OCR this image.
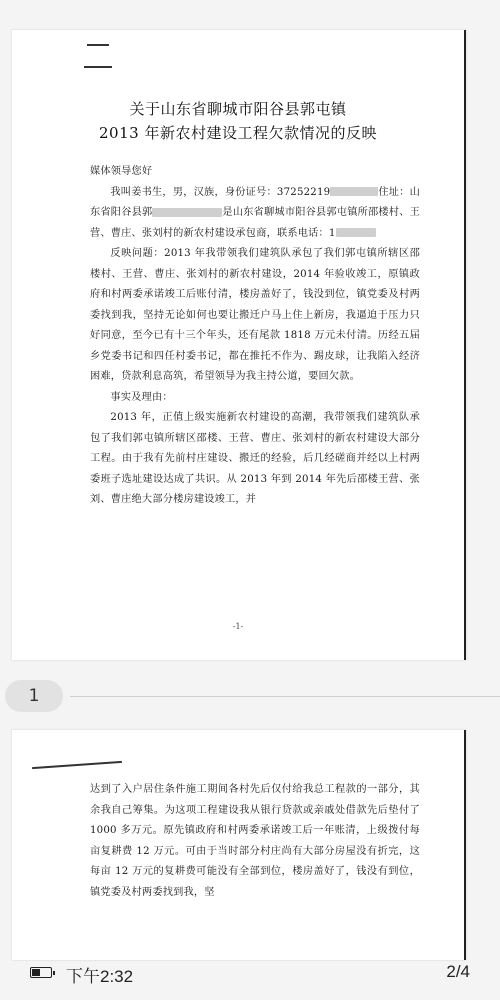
关于山东省聊城市阳谷县郭屯镇
2013 年新农村建设工程欠款情况的反映

媒体领导您好

我叫姜书生，男，汉族，身份证号：37252219	住址：山东省阳谷县郭	是山东省聊城市阳谷县郭屯镇所邵楼村、王营、曹庄、张刘村的新农村建设承包商，联系电话：1

反映问题：2013 年我带领我们建筑队承包了我们郭屯镇所辖区邵楼村、王营、曹庄、张刘村的新农村建设，2014 年验收竣工，原镇政府和村两委承诺竣工后账付清，楼房盖好了，钱没到位，镇党委及村两委找到我，坚持无论如何也要让搬迁户马上住上新房，我逼迫于压力只好同意，至今已有十三个年头，还有尾款 1818 万元未付清。历经五届乡党委书记和四任村委书记，都在推托不作为、踢皮球，让我陷入经济困难，贷款利息高筑，希望领导为我主持公道，要回欠款。

事实及理由：

2013 年，正值上级实施新农村建设的高潮，我带领我们建筑队承包了我们郭屯镇所辖区邵楼、王营、曹庄、张刘村的新农村建设大部分工程。由于我有先前村庄建设、搬迁的经验，后几经磋商并经以上村两委班子选址建设达成了共识。从 2013 年到 2014 年先后邵楼王营、张刘、曹庄绝大部分楼房建设竣工，并

-1-
1

达到了入户居住条件施工期间各村先后仅付给我总工程款的一部分，其余我自己筹集。为这项工程建设我从银行贷款或亲戚处借款先后垫付了 1000 多万元。原先镇政府和村两委承诺竣工后一年账清，上级拨付每亩复耕费 12 万元。可由于当时部分村庄尚有大部分房屋没有折完，这每亩 12 万元的复耕费可能没有全部到位，楼房盖好了，钱没有到位，镇党委及村两委找到我，坚

下午2:32	2/4
